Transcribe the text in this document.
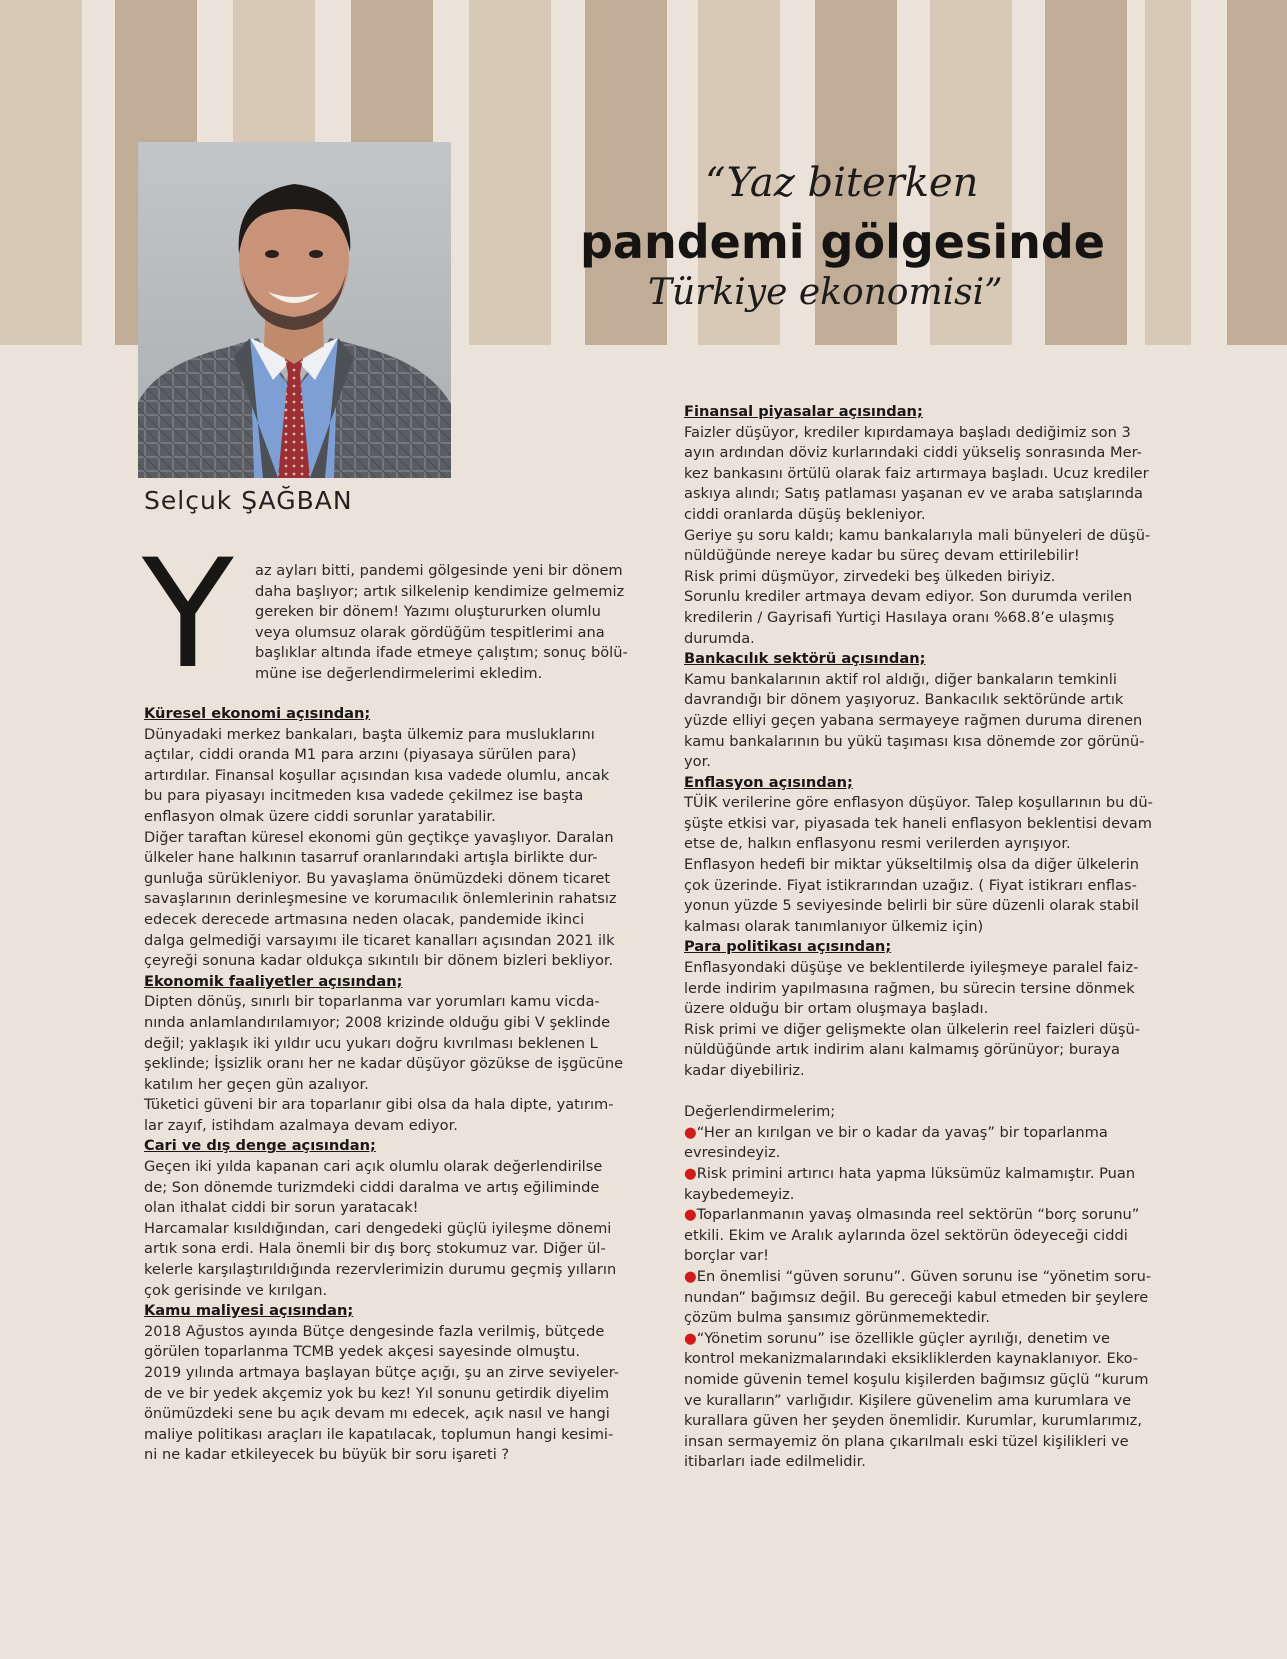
“Yaz biterken
pandemi gölgesinde
Türkiye ekonomisi”
Selçuk ŞAĞBAN
Y az ayları bitti, pandemi gölgesinde yeni bir dönem

daha başlıyor; artık silkelenip kendimize gelmemiz

gereken bir dönem! Yazımı oluştururken olumlu

veya olumsuz olarak gördüğüm tespitlerimi ana

başlıklar altında ifade etmeye çalıştım; sonuç bölü-

müne ise değerlendirmelerimi ekledim.

Küresel ekonomi açısından;

Dünyadaki merkez bankaları, başta ülkemiz para musluklarını

açtılar, ciddi oranda M1 para arzını (piyasaya sürülen para)

artırdılar. Finansal koşullar açısından kısa vadede olumlu, ancak

bu para piyasayı incitmeden kısa vadede çekilmez ise başta

enflasyon olmak üzere ciddi sorunlar yaratabilir.

Diğer taraftan küresel ekonomi gün geçtikçe yavaşlıyor. Daralan

ülkeler hane halkının tasarruf oranlarındaki artışla birlikte dur-

gunluğa sürükleniyor. Bu yavaşlama önümüzdeki dönem ticaret

savaşlarının derinleşmesine ve korumacılık önlemlerinin rahatsız

edecek derecede artmasına neden olacak, pandemide ikinci

dalga gelmediği varsayımı ile ticaret kanalları açısından 2021 ilk

çeyreği sonuna kadar oldukça sıkıntılı bir dönem bizleri bekliyor.

Ekonomik faaliyetler açısından;

Dipten dönüş, sınırlı bir toparlanma var yorumları kamu vicda-

nında anlamlandırılamıyor; 2008 krizinde olduğu gibi V şeklinde

değil; yaklaşık iki yıldır ucu yukarı doğru kıvrılması beklenen L

şeklinde; İşsizlik oranı her ne kadar düşüyor gözükse de işgücüne

katılım her geçen gün azalıyor.

Tüketici güveni bir ara toparlanır gibi olsa da hala dipte, yatırım-

lar zayıf, istihdam azalmaya devam ediyor.

Cari ve dış denge açısından;

Geçen iki yılda kapanan cari açık olumlu olarak değerlendirilse

de; Son dönemde turizmdeki ciddi daralma ve artış eğiliminde

olan ithalat ciddi bir sorun yaratacak!

Harcamalar kısıldığından, cari dengedeki güçlü iyileşme dönemi

artık sona erdi. Hala önemli bir dış borç stokumuz var. Diğer ül-

kelerle karşılaştırıldığında rezervlerimizin durumu geçmiş yılların

çok gerisinde ve kırılgan.

Kamu maliyesi açısından;

2018 Ağustos ayında Bütçe dengesinde fazla verilmiş, bütçede

görülen toparlanma TCMB yedek akçesi sayesinde olmuştu.

2019 yılında artmaya başlayan bütçe açığı, şu an zirve seviyeler-

de ve bir yedek akçemiz yok bu kez! Yıl sonunu getirdik diyelim

önümüzdeki sene bu açık devam mı edecek, açık nasıl ve hangi

maliye politikası araçları ile kapatılacak, toplumun hangi kesimi-

ni ne kadar etkileyecek bu büyük bir soru işareti ?

Finansal piyasalar açısından;

Faizler düşüyor, krediler kıpırdamaya başladı dediğimiz son 3

ayın ardından döviz kurlarındaki ciddi yükseliş sonrasında Mer-

kez bankasını örtülü olarak faiz artırmaya başladı. Ucuz krediler

askıya alındı; Satış patlaması yaşanan ev ve araba satışlarında

ciddi oranlarda düşüş bekleniyor.

Geriye şu soru kaldı; kamu bankalarıyla mali bünyeleri de düşü-

nüldüğünde nereye kadar bu süreç devam ettirilebilir!

Risk primi düşmüyor, zirvedeki beş ülkeden biriyiz.

Sorunlu krediler artmaya devam ediyor. Son durumda verilen

kredilerin / Gayrisafi Yurtiçi Hasılaya oranı %68.8’e ulaşmış

durumda.

Bankacılık sektörü açısından;

Kamu bankalarının aktif rol aldığı, diğer bankaların temkinli

davrandığı bir dönem yaşıyoruz. Bankacılık sektöründe artık

yüzde elliyi geçen yabana sermayeye rağmen duruma direnen

kamu bankalarının bu yükü taşıması kısa dönemde zor görünü-

yor.

Enflasyon açısından;

TÜİK verilerine göre enflasyon düşüyor. Talep koşullarının bu dü-

şüşte etkisi var, piyasada tek haneli enflasyon beklentisi devam

etse de, halkın enflasyonu resmi verilerden ayrışıyor.

Enflasyon hedefi bir miktar yükseltilmiş olsa da diğer ülkelerin

çok üzerinde. Fiyat istikrarından uzağız. ( Fiyat istikrarı enflas-

yonun yüzde 5 seviyesinde belirli bir süre düzenli olarak stabil

kalması olarak tanımlanıyor ülkemiz için)

Para politikası açısından;

Enflasyondaki düşüşe ve beklentilerde iyileşmeye paralel faiz-

lerde indirim yapılmasına rağmen, bu sürecin tersine dönmek

üzere olduğu bir ortam oluşmaya başladı.

Risk primi ve diğer gelişmekte olan ülkelerin reel faizleri düşü-

nüldüğünde artık indirim alanı kalmamış görünüyor; buraya

kadar diyebiliriz.

Değerlendirmelerim;

●“Her an kırılgan ve bir o kadar da yavaş” bir toparlanma

evresindeyiz.

●Risk primini artırıcı hata yapma lüksümüz kalmamıştır. Puan

kaybedemeyiz.

●Toparlanmanın yavaş olmasında reel sektörün “borç sorunu”

etkili. Ekim ve Aralık aylarında özel sektörün ödeyeceği ciddi

borçlar var!

●En önemlisi “güven sorunu”. Güven sorunu ise “yönetim soru-

nundan” bağımsız değil. Bu gereceği kabul etmeden bir şeylere

çözüm bulma şansımız görünmemektedir.

●“Yönetim sorunu” ise özellikle güçler ayrılığı, denetim ve

kontrol mekanizmalarındaki eksikliklerden kaynaklanıyor. Eko-

nomide güvenin temel koşulu kişilerden bağımsız güçlü “kurum

ve kuralların” varlığıdır. Kişilere güvenelim ama kurumlara ve

kurallara güven her şeyden önemlidir. Kurumlar, kurumlarımız,

insan sermayemiz ön plana çıkarılmalı eski tüzel kişilikleri ve

itibarları iade edilmelidir.
